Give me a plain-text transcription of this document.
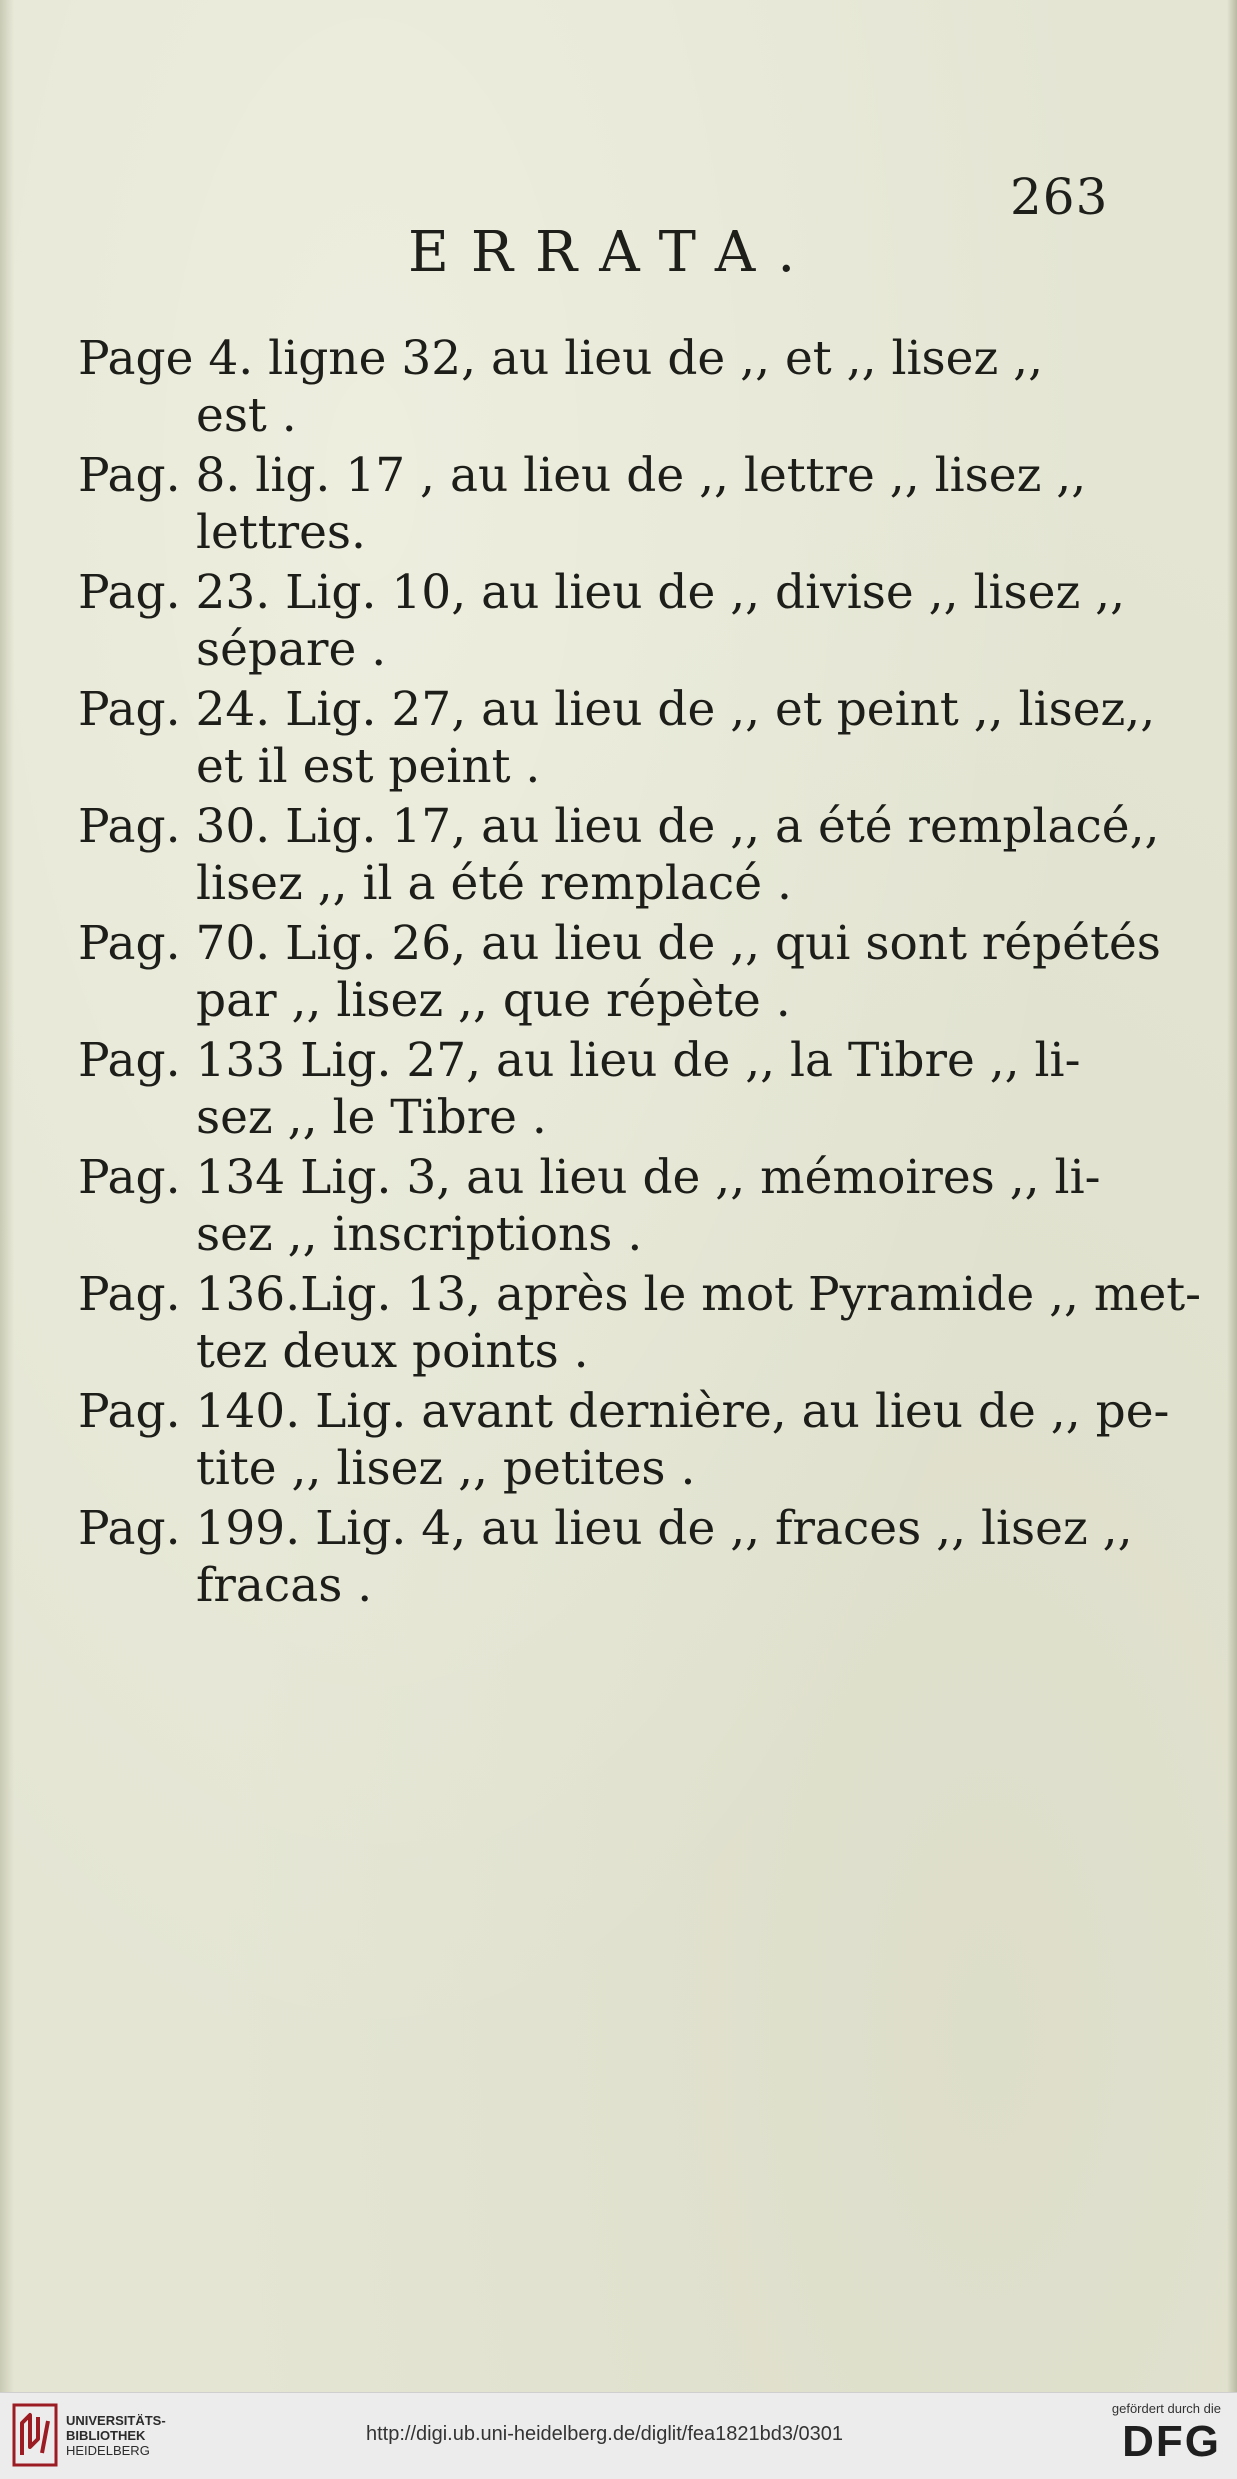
263
ERRATA.
Page 4. ligne 32, au lieu de ,, et ,, lisez ,,
est .
Pag. 8. lig. 17 , au lieu de ,, lettre ,, lisez ,,
lettres.
Pag. 23. Lig. 10, au lieu de ,, divise ,, lisez ,,
sépare .
Pag. 24. Lig. 27, au lieu de ,, et peint ,, lisez,,
et il est peint .
Pag. 30. Lig. 17, au lieu de ,, a été remplacé,,
lisez ,, il a été remplacé .
Pag. 70. Lig. 26, au lieu de ,, qui sont répétés
par ,, lisez ,, que répète .
Pag. 133 Lig. 27, au lieu de ,, la Tibre ,, li-
sez ,, le Tibre .
Pag. 134 Lig. 3, au lieu de ,, mémoires ,, li-
sez ,, inscriptions .
Pag. 136.Lig. 13, après le mot Pyramide ,, met-
tez deux points .
Pag. 140. Lig. avant dernière, au lieu de ,, pe-
tite ,, lisez ,, petites .
Pag. 199. Lig. 4, au lieu de ,, fraces ,, lisez ,,
fracas .
UNIVERSITÄTS-
BIBLIOTHEK
HEIDELBERG
http://digi.ub.uni-heidelberg.de/diglit/fea1821bd3/0301
gefördert durch die
DFG
